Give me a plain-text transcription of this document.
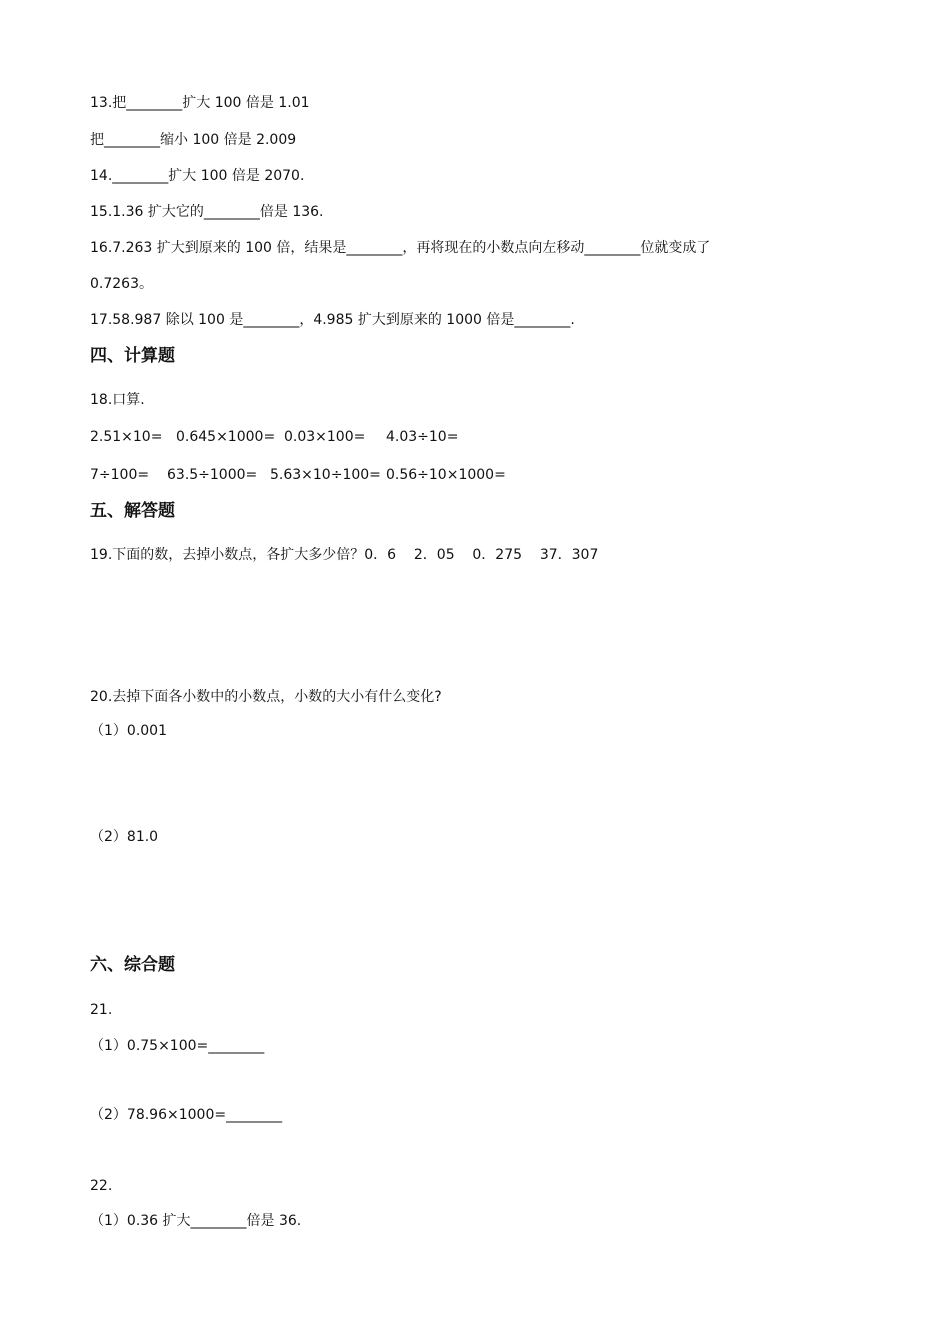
13.把________扩大 100 倍是 1.01
把________缩小 100 倍是 2.009
14.________扩大 100 倍是 2070.
15.1.36 扩大它的________倍是 136.
16.7.263 扩大到原来的 100 倍，结果是________，再将现在的小数点向左移动________位就变成了
0.7263。
17.58.987 除以 100 是________，4.985 扩大到原来的 1000 倍是________.
四、计算题
18.口算.
2.51×10= 0.645×1000= 0.03×100= 4.03÷10=
7÷100= 63.5÷1000= 5.63×10÷100= 0.56÷10×1000=
五、解答题
19.下面的数，去掉小数点，各扩大多少倍？0．6    2．05    0．275    37．307
20.去掉下面各小数中的小数点，小数的大小有什么变化?
（1）0.001
（2）81.0
六、综合题
21.
（1）0.75×100=________
（2）78.96×1000=________
22.
（1）0.36 扩大________倍是 36.
